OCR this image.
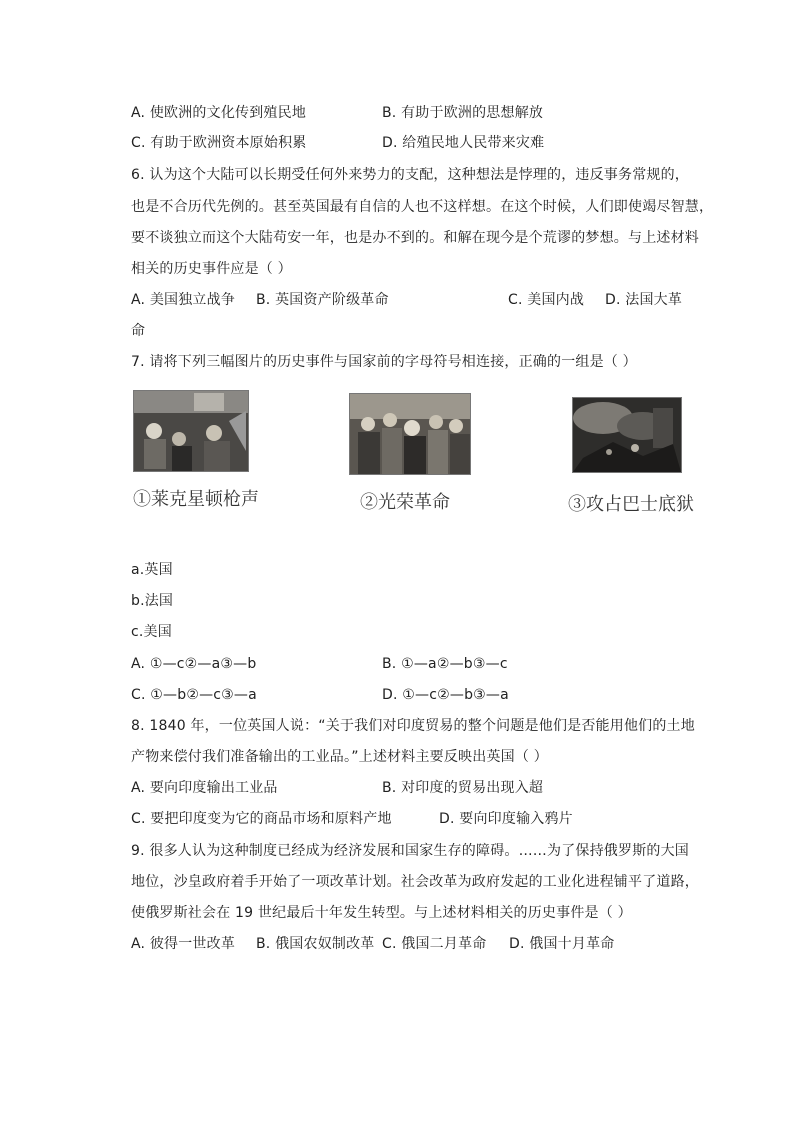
A. 使欧洲的文化传到殖民地	B. 有助于欧洲的思想解放
C. 有助于欧洲资本原始积累	D. 给殖民地人民带来灾难
6. 认为这个大陆可以长期受任何外来势力的支配，这种想法是悖理的，违反事务常规的，
也是不合历代先例的。甚至英国最有自信的人也不这样想。在这个时候，人们即使竭尽智慧，
要不谈独立而这个大陆苟安一年，也是办不到的。和解在现今是个荒谬的梦想。与上述材料
相关的历史事件应是（ ）
A. 美国独立战争 B. 英国资产阶级革命	C. 美国内战 D. 法国大革
命
7. 请将下列三幅图片的历史事件与国家前的字母符号相连接，正确的一组是（ ）
①莱克星顿枪声	②光荣革命	③攻占巴士底狱
a.英国
b.法国
c.美国
A. ①—c②—a③—b	B. ①—a②—b③—c
C. ①—b②—c③—a	D. ①—c②—b③—a
8. 1840 年，一位英国人说：“关于我们对印度贸易的整个问题是他们是否能用他们的土地
产物来偿付我们准备输出的工业品。”上述材料主要反映出英国（ ）
A. 要向印度输出工业品	B. 对印度的贸易出现入超
C. 要把印度变为它的商品市场和原料产地	D. 要向印度输入鸦片
9. 很多人认为这种制度已经成为经济发展和国家生存的障碍。……为了保持俄罗斯的大国
地位，沙皇政府着手开始了一项改革计划。社会改革为政府发起的工业化进程铺平了道路，
使俄罗斯社会在 19 世纪最后十年发生转型。与上述材料相关的历史事件是（ ）
A. 彼得一世改革 B. 俄国农奴制改革 C. 俄国二月革命 D. 俄国十月革命
